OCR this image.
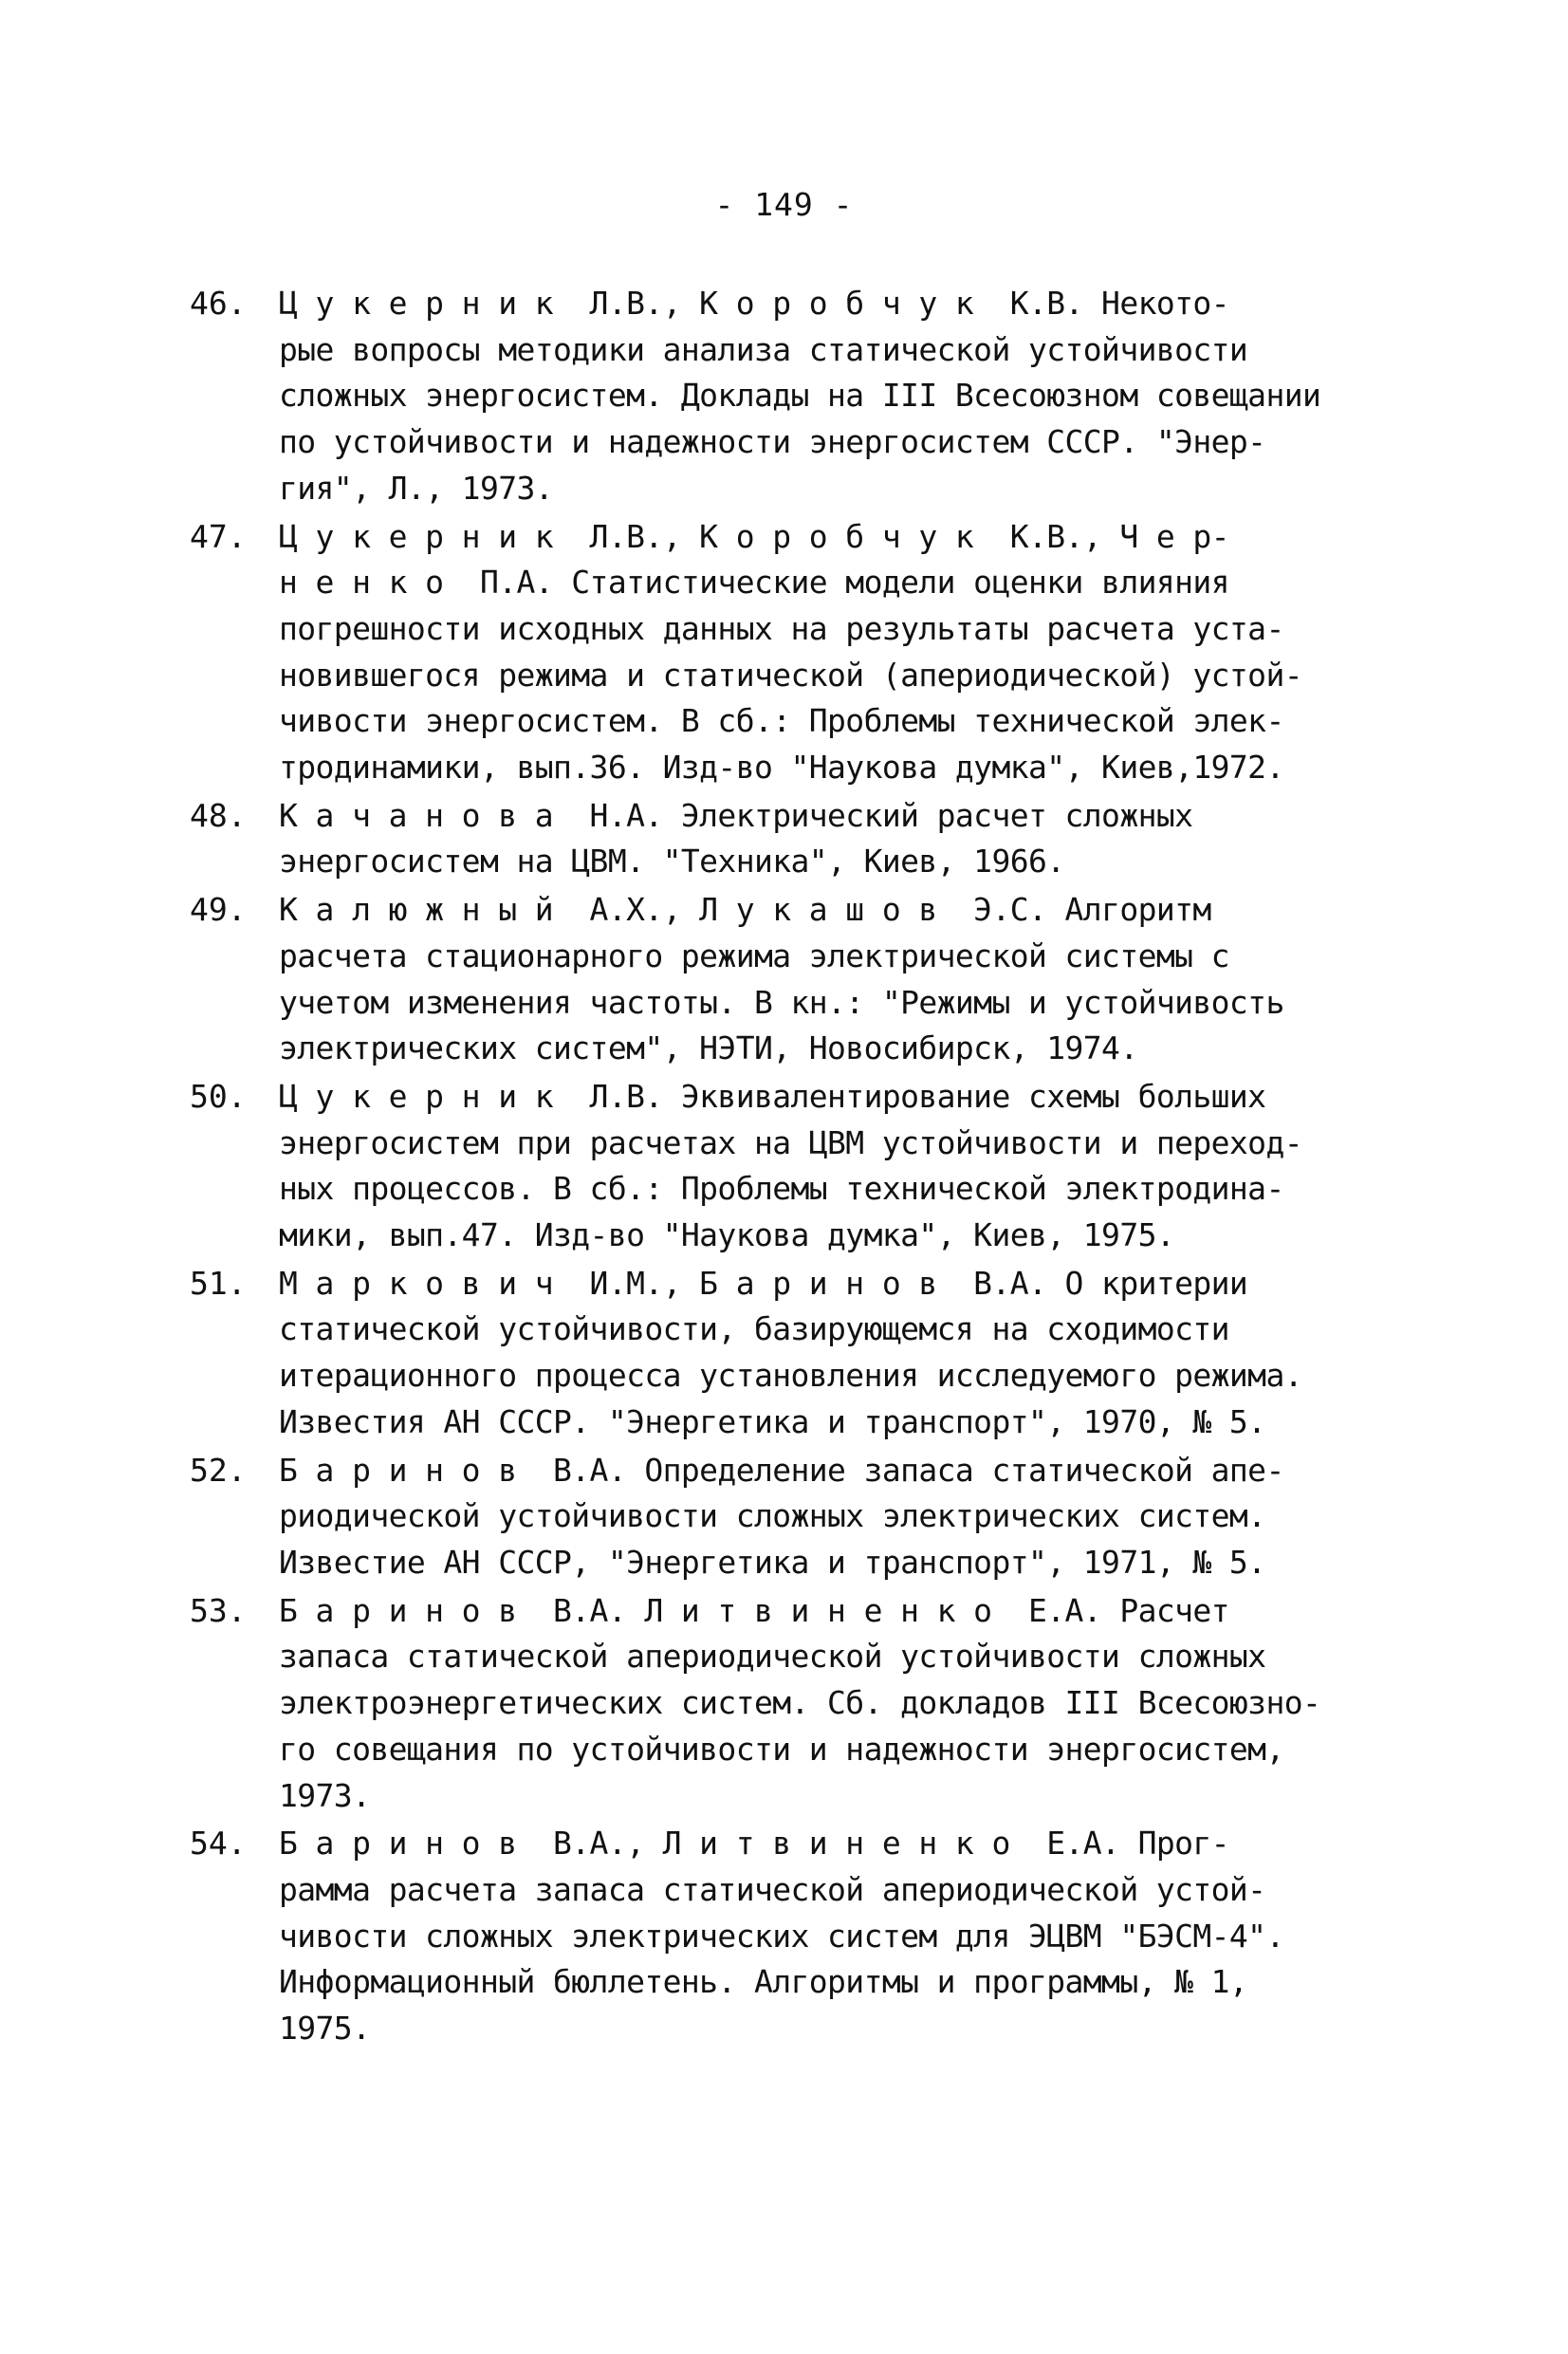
- 149 -
46.	Ц у к е р н и к  Л.В., К о р о б ч у к  К.В. Некото-
рые вопросы методики анализа статической устойчивости
сложных энергосистем. Доклады на III Всесоюзном совещании
по устойчивости и надежности энергосистем СССР. "Энер-
гия", Л., 1973.
47.	Ц у к е р н и к  Л.В., К о р о б ч у к  К.В., Ч е р-
н е н к о  П.А. Статистические модели оценки влияния
погрешности исходных данных на результаты расчета уста-
новившегося режима и статической (апериодической) устой-
чивости энергосистем. В сб.: Проблемы технической элек-
тродинамики, вып.36. Изд-во "Наукова думка", Киев,1972.
48.	К а ч а н о в а  Н.А. Электрический расчет сложных
энергосистем на ЦВМ. "Техника", Киев, 1966.
49.	К а л ю ж н ы й  А.Х., Л у к а ш о в  Э.С. Алгоритм
расчета стационарного режима электрической системы с
учетом изменения частоты. В кн.: "Режимы и устойчивость
электрических систем", НЭТИ, Новосибирск, 1974.
50.	Ц у к е р н и к  Л.В. Эквивалентирование схемы больших
энергосистем при расчетах на ЦВМ устойчивости и переход-
ных процессов. В сб.: Проблемы технической электродина-
мики, вып.47. Изд-во "Наукова думка", Киев, 1975.
51.	М а р к о в и ч  И.М., Б а р и н о в  В.А. О критерии
статической устойчивости, базирующемся на сходимости
итерационного процесса установления исследуемого режима.
Известия АН СССР. "Энергетика и транспорт", 1970, № 5.
52.	Б а р и н о в  В.А. Определение запаса статической апе-
риодической устойчивости сложных электрических систем.
Известие АН СССР, "Энергетика и транспорт", 1971, № 5.
53.	Б а р и н о в  В.А. Л и т в и н е н к о  Е.А. Расчет
запаса статической апериодической устойчивости сложных
электроэнергетических систем. Сб. докладов III Всесоюзно-
го совещания по устойчивости и надежности энергосистем,
1973.
54.	Б а р и н о в  В.А., Л и т в и н е н к о  Е.А. Прог-
рамма расчета запаса статической апериодической устой-
чивости сложных электрических систем для ЭЦВМ "БЭСМ-4".
Информационный бюллетень. Алгоритмы и программы, № 1,
1975.
